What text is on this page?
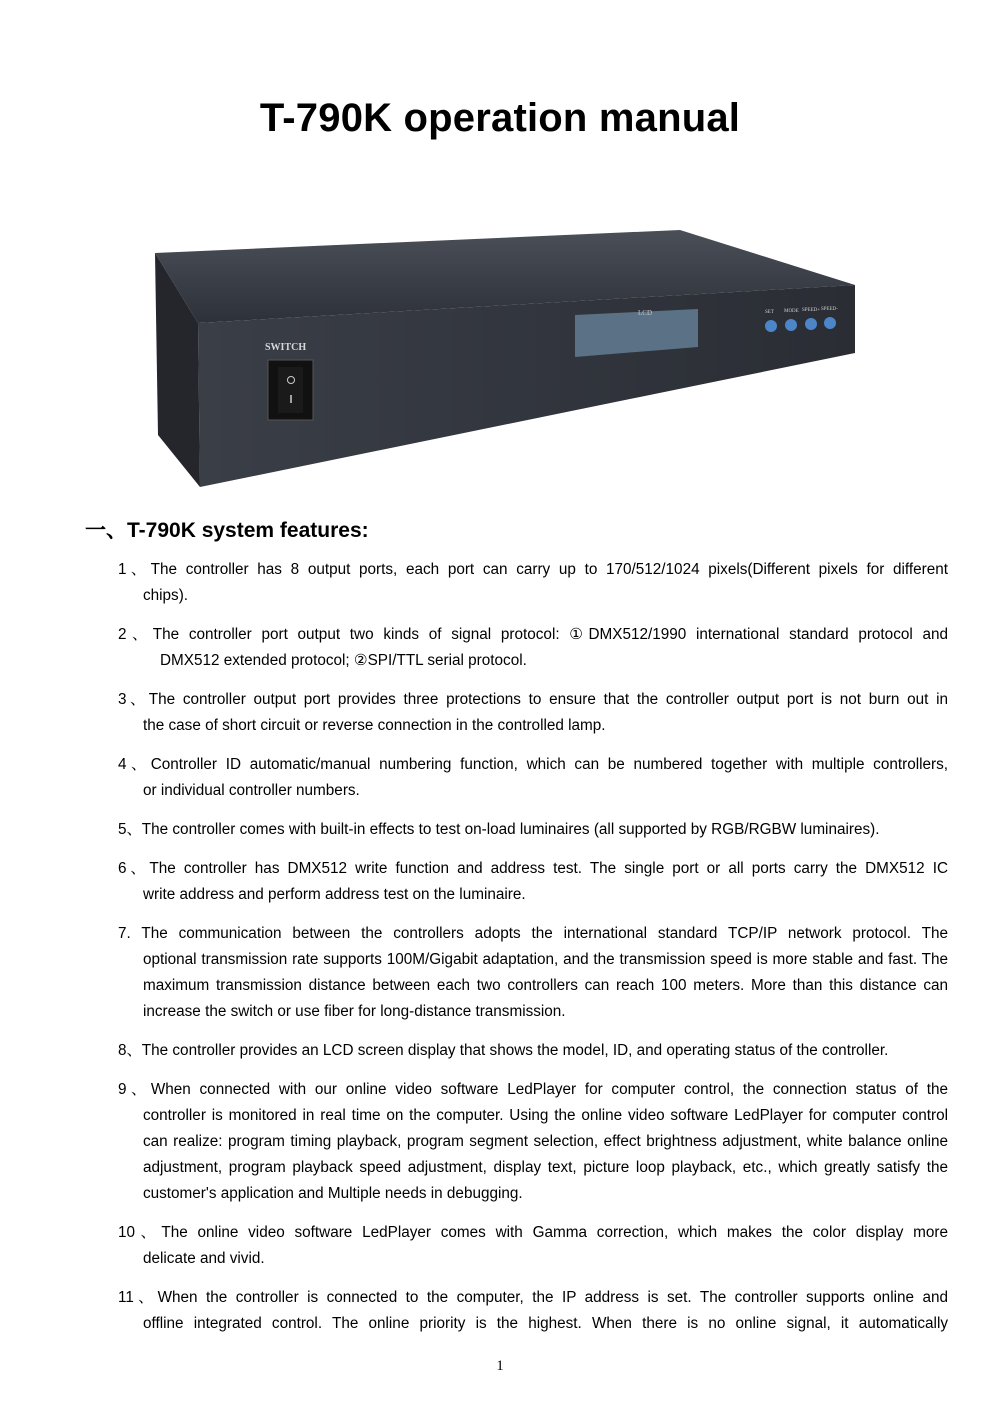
T-790K operation manual
LCD
SWITCH
SET MODE SPEED+ SPEED-
一、T-790K system features:
1、The controller has 8 output ports, each port can carry up to 170/512/1024 pixels(Different pixels for different
chips).
2、The controller port output two kinds of signal protocol: ①DMX512/1990 international standard protocol and
DMX512 extended protocol; ②SPI/TTL serial protocol.
3、The controller output port provides three protections to ensure that the controller output port is not burn out in
the case of short circuit or reverse connection in the controlled lamp.
4、Controller ID automatic/manual numbering function, which can be numbered together with multiple controllers,
or individual controller numbers.
5、The controller comes with built-in effects to test on-load luminaires (all supported by RGB/RGBW luminaires).
6、The controller has DMX512 write function and address test. The single port or all ports carry the DMX512 IC
write address and perform address test on the luminaire.
7. The communication between the controllers adopts the international standard TCP/IP network protocol. The
optional transmission rate supports 100M/Gigabit adaptation, and the transmission speed is more stable and fast. The maximum transmission distance between each two controllers can reach 100 meters. More than this distance can increase the switch or use fiber for long-distance transmission.
8、The controller provides an LCD screen display that shows the model, ID, and operating status of the controller.
9、When connected with our online video software LedPlayer for computer control, the connection status of the
controller is monitored in real time on the computer. Using the online video software LedPlayer for computer control can realize: program timing playback, program segment selection, effect brightness adjustment, white balance online adjustment, program playback speed adjustment, display text, picture loop playback, etc., which greatly satisfy the customer's application and Multiple needs in debugging.
10、The online video software LedPlayer comes with Gamma correction, which makes the color display more
delicate and vivid.
11、When the controller is connected to the computer, the IP address is set. The controller supports online and
offline integrated control. The online priority is the highest. When there is no online signal, it automatically
1
